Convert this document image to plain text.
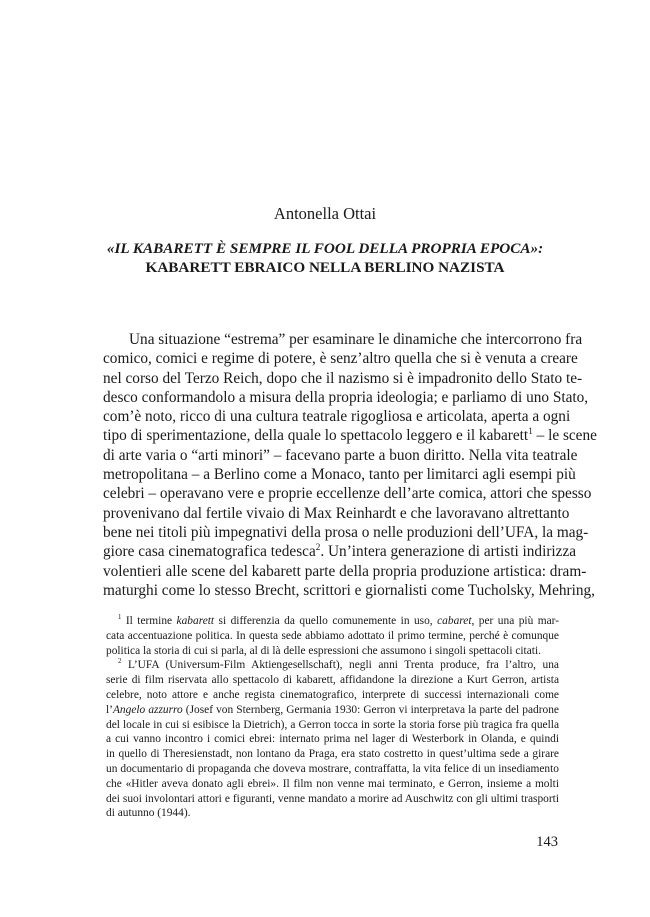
Antonella Ottai
«IL KABARETT È SEMPRE IL FOOL DELLA PROPRIA EPOCA»:
KABARETT EBRAICO NELLA BERLINO NAZISTA
Una situazione “estrema” per esaminare le dinamiche che intercorrono fra
comico, comici e regime di potere, è senz’altro quella che si è venuta a creare
nel corso del Terzo Reich, dopo che il nazismo si è impadronito dello Stato te-
desco conformandolo a misura della propria ideologia; e parliamo di uno Stato,
com’è noto, ricco di una cultura teatrale rigogliosa e articolata, aperta a ogni
tipo di sperimentazione, della quale lo spettacolo leggero e il kabarett$^1$ – le scene
di arte varia o “arti minori” – facevano parte a buon diritto. Nella vita teatrale
metropolitana – a Berlino come a Monaco, tanto per limitarci agli esempi più
celebri – operavano vere e proprie eccellenze dell’arte comica, attori che spesso
provenivano dal fertile vivaio di Max Reinhardt e che lavoravano altrettanto
bene nei titoli più impegnativi della prosa o nelle produzioni dell’UFA, la mag-
giore casa cinematografica tedesca$^2$. Un’intera generazione di artisti indirizza
volentieri alle scene del kabarett parte della propria produzione artistica: dram-
maturghi come lo stesso Brecht, scrittori e giornalisti come Tucholsky, Mehring,
$^1$ Il termine kabarett si differenzia da quello comunemente in uso, cabaret, per una più mar-
cata accentuazione politica. In questa sede abbiamo adottato il primo termine, perché è comunque
politica la storia di cui si parla, al di là delle espressioni che assumono i singoli spettacoli citati.
$^2$ L’UFA (Universum-Film Aktiengesellschaft), negli anni Trenta produce, fra l’altro, una
serie di film riservata allo spettacolo di kabarett, affidandone la direzione a Kurt Gerron, artista
celebre, noto attore e anche regista cinematografico, interprete di successi internazionali come
l’Angelo azzurro (Josef von Sternberg, Germania 1930: Gerron vi interpretava la parte del padrone
del locale in cui si esibisce la Dietrich), a Gerron tocca in sorte la storia forse più tragica fra quella
a cui vanno incontro i comici ebrei: internato prima nel lager di Westerbork in Olanda, e quindi
in quello di Theresienstadt, non lontano da Praga, era stato costretto in quest’ultima sede a girare
un documentario di propaganda che doveva mostrare, contraffatta, la vita felice di un insediamento
che «Hitler aveva donato agli ebrei». Il film non venne mai terminato, e Gerron, insieme a molti
dei suoi involontari attori e figuranti, venne mandato a morire ad Auschwitz con gli ultimi trasporti
di autunno (1944).
143
